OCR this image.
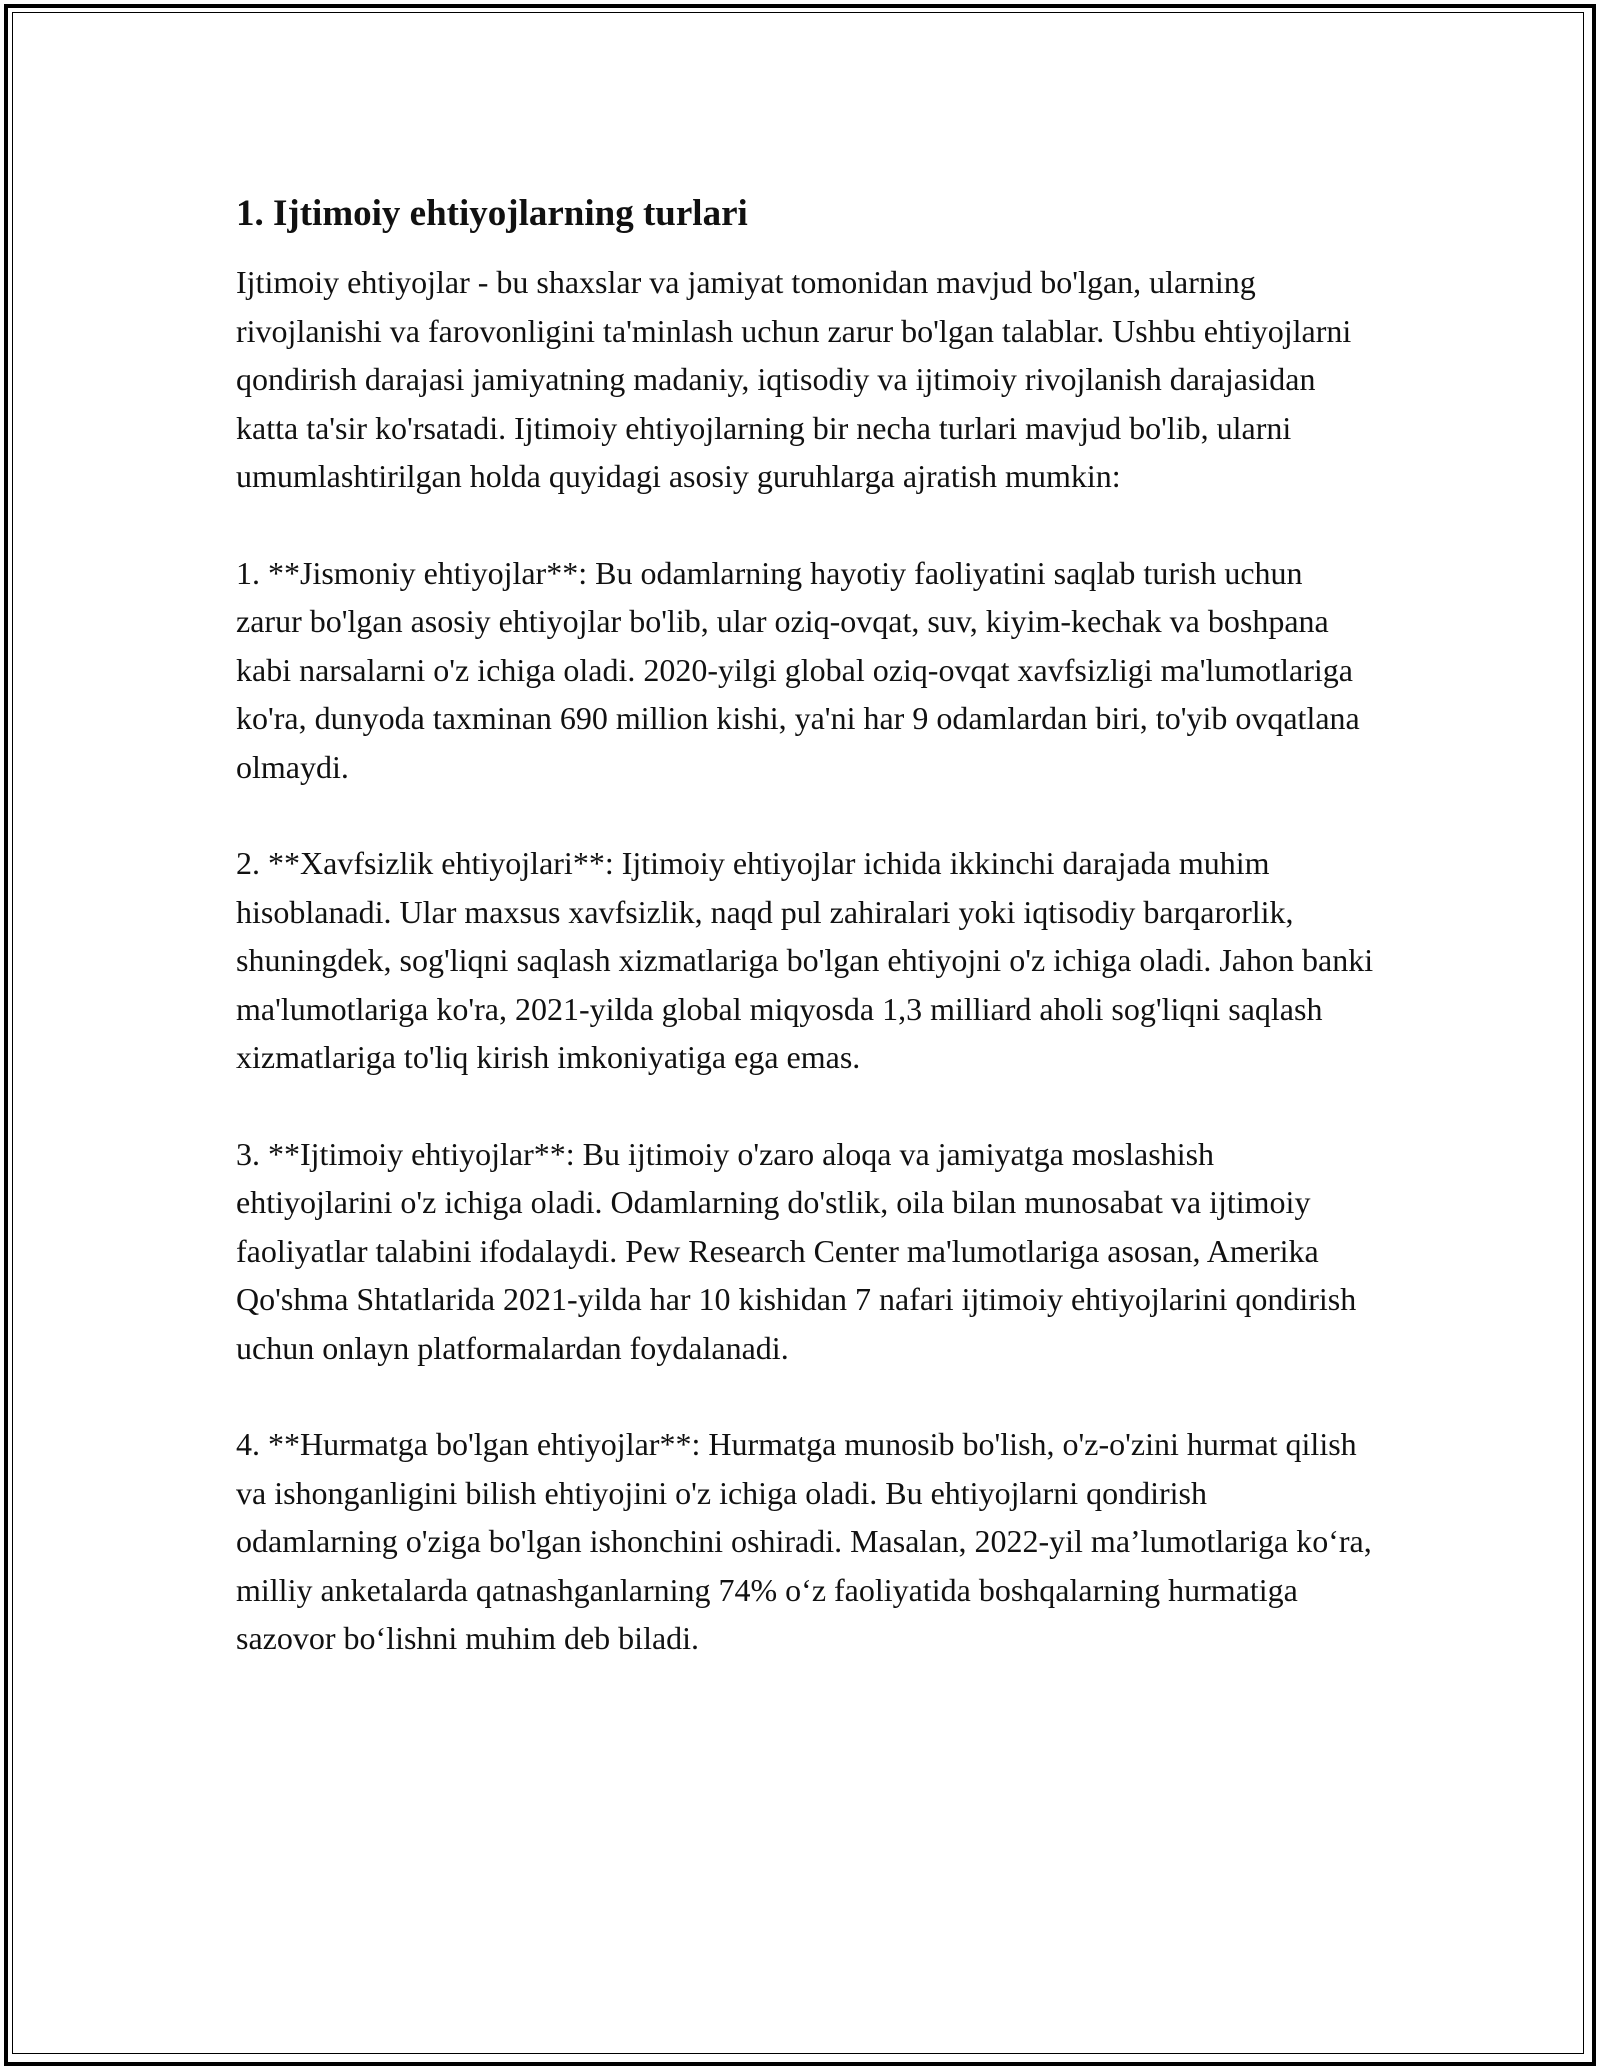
1. Ijtimoiy ehtiyojlarning turlari

Ijtimoiy ehtiyojlar - bu shaxslar va jamiyat tomonidan mavjud bo'lgan, ularning rivojlanishi va farovonligini ta'minlash uchun zarur bo'lgan talablar. Ushbu ehtiyojlarni qondirish darajasi jamiyatning madaniy, iqtisodiy va ijtimoiy rivojlanish darajasidan katta ta'sir ko'rsatadi. Ijtimoiy ehtiyojlarning bir necha turlari mavjud bo'lib, ularni umumlashtirilgan holda quyidagi asosiy guruhlarga ajratish mumkin:

1. **Jismoniy ehtiyojlar**: Bu odamlarning hayotiy faoliyatini saqlab turish uchun zarur bo'lgan asosiy ehtiyojlar bo'lib, ular oziq-ovqat, suv, kiyim-kechak va boshpana kabi narsalarni o'z ichiga oladi. 2020-yilgi global oziq-ovqat xavfsizligi ma'lumotlariga ko'ra, dunyoda taxminan 690 million kishi, ya'ni har 9 odamlardan biri, to'yib ovqatlana olmaydi.

2. **Xavfsizlik ehtiyojlari**: Ijtimoiy ehtiyojlar ichida ikkinchi darajada muhim hisoblanadi. Ular maxsus xavfsizlik, naqd pul zahiralari yoki iqtisodiy barqarorlik, shuningdek, sog'liqni saqlash xizmatlariga bo'lgan ehtiyojni o'z ichiga oladi. Jahon banki ma'lumotlariga ko'ra, 2021-yilda global miqyosda 1,3 milliard aholi sog'liqni saqlash xizmatlariga to'liq kirish imkoniyatiga ega emas.

3. **Ijtimoiy ehtiyojlar**: Bu ijtimoiy o'zaro aloqa va jamiyatga moslashish ehtiyojlarini o'z ichiga oladi. Odamlarning do'stlik, oila bilan munosabat va ijtimoiy faoliyatlar talabini ifodalaydi. Pew Research Center ma'lumotlariga asosan, Amerika Qo'shma Shtatlarida 2021-yilda har 10 kishidan 7 nafari ijtimoiy ehtiyojlarini qondirish uchun onlayn platformalardan foydalanadi.

4. **Hurmatga bo'lgan ehtiyojlar**: Hurmatga munosib bo'lish, o'z-o'zini hurmat qilish va ishonganligini bilish ehtiyojini o'z ichiga oladi. Bu ehtiyojlarni qondirish odamlarning o'ziga bo'lgan ishonchini oshiradi. Masalan, 2022-yil ma’lumotlariga ko‘ra, milliy anketalarda qatnashganlarning 74% o‘z faoliyatida boshqalarning hurmatiga sazovor bo‘lishni muhim deb biladi.
